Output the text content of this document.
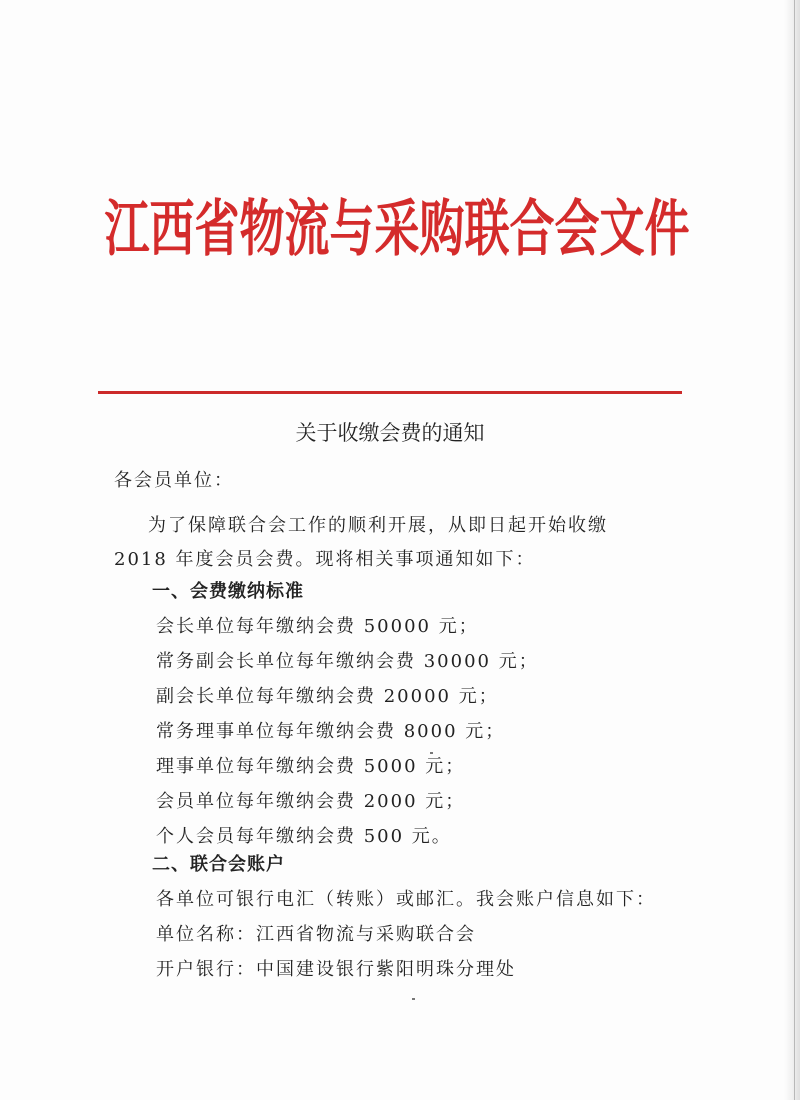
江西省物流与采购联合会文件
关于收缴会费的通知
各会员单位：
为了保障联合会工作的顺利开展，从即日起开始收缴
2018 年度会员会费。现将相关事项通知如下：
一、会费缴纳标准
会长单位每年缴纳会费 50000 元；
常务副会长单位每年缴纳会费 30000 元；
副会长单位每年缴纳会费 20000 元；
常务理事单位每年缴纳会费 8000 元；
理事单位每年缴纳会费 5000 元；
会员单位每年缴纳会费 2000 元；
个人会员每年缴纳会费 500 元。
二、联合会账户
各单位可银行电汇（转账）或邮汇。我会账户信息如下：
单位名称：江西省物流与采购联合会
开户银行：中国建设银行紫阳明珠分理处
